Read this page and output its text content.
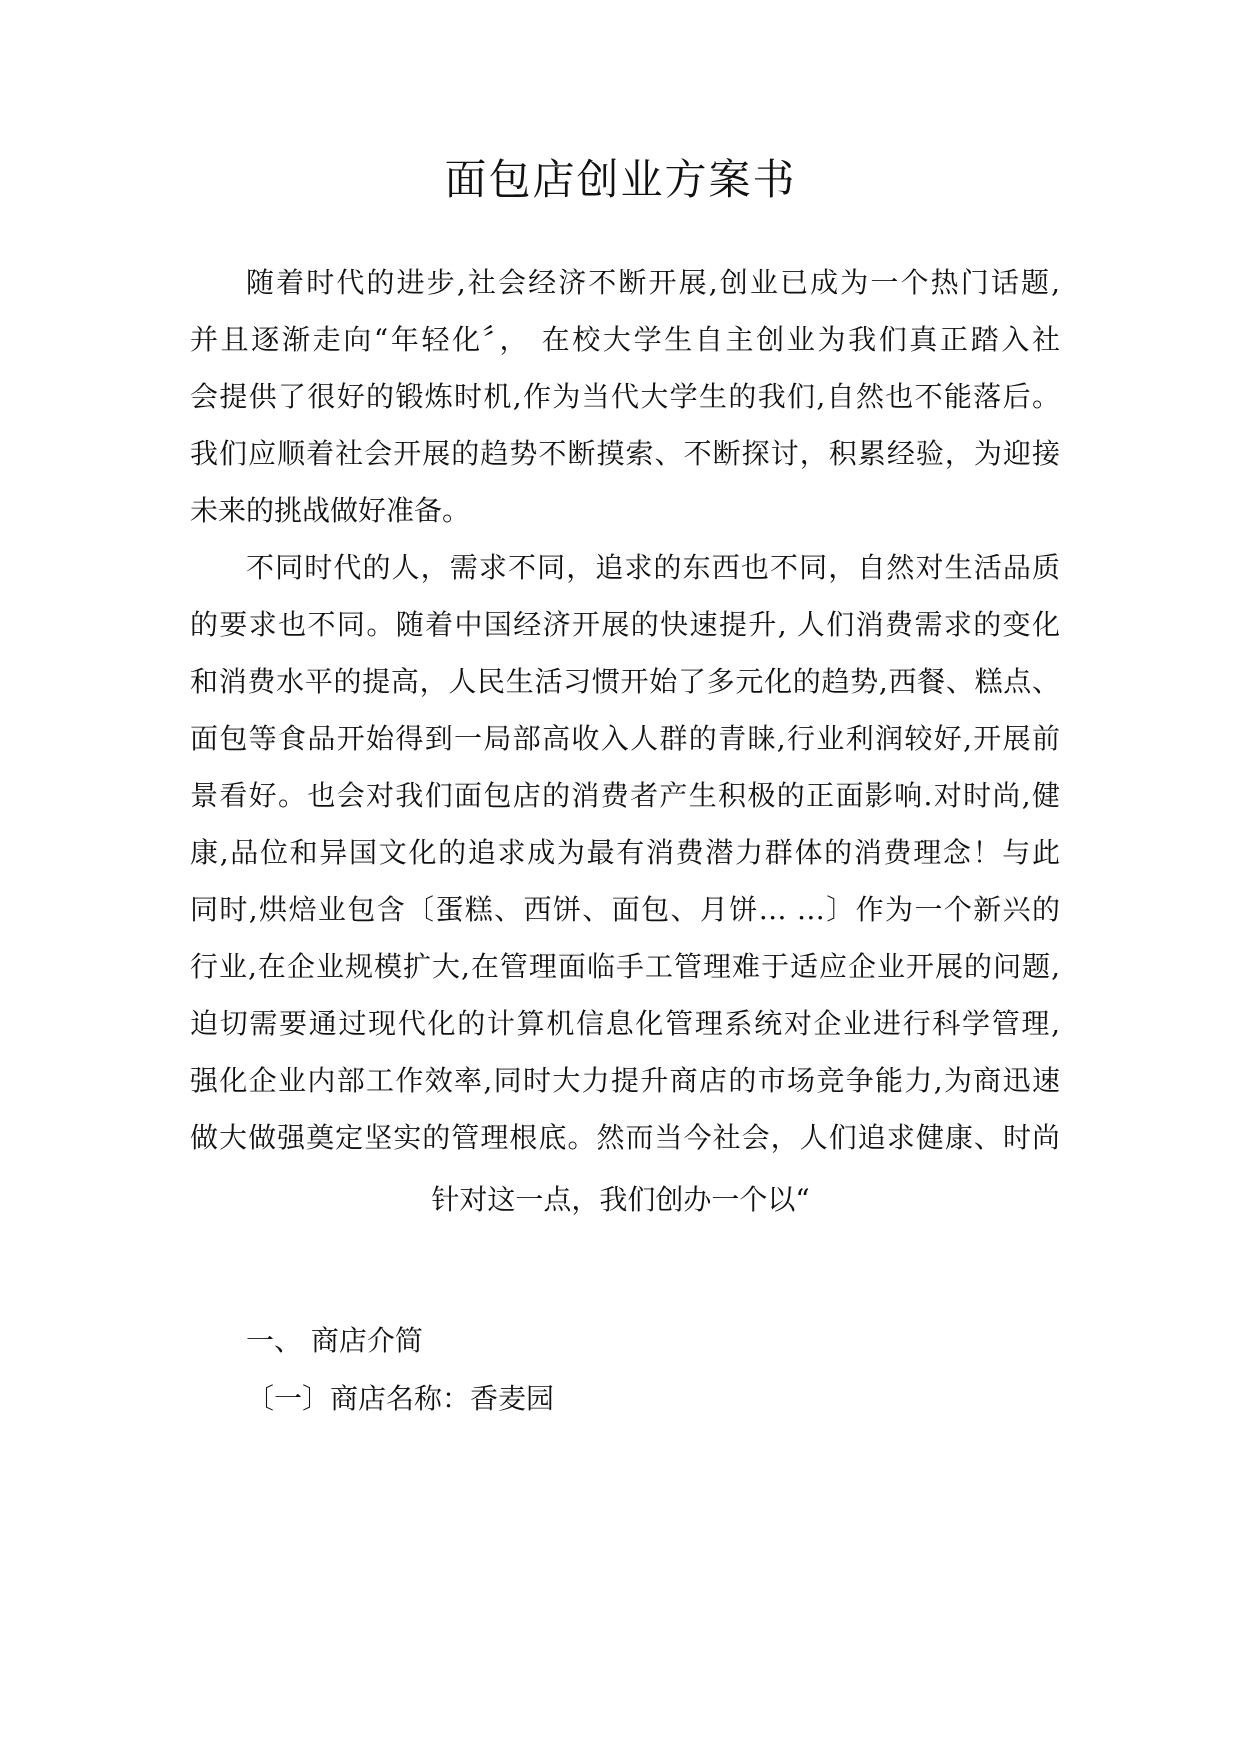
面包店创业方案书
随着时代的进步,社会经济不断开展,创业已成为一个热门话题,
并且逐渐走向“年轻化〞， 在校大学生自主创业为我们真正踏入社
会提供了很好的锻炼时机,作为当代大学生的我们,自然也不能落后。
我们应顺着社会开展的趋势不断摸索、不断探讨，积累经验，为迎接
未来的挑战做好准备。
不同时代的人，需求不同，追求的东西也不同，自然对生活品质
的要求也不同。随着中国经济开展的快速提升, 人们消费需求的变化
和消费水平的提高，人民生活习惯开始了多元化的趋势,西餐、糕点、
面包等食品开始得到一局部高收入人群的青睐,行业利润较好,开展前
景看好。也会对我们面包店的消费者产生积极的正面影响.对时尚,健
康,品位和异国文化的追求成为最有消费潜力群体的消费理念！与此
同时,烘焙业包含〔蛋糕、西饼、面包、月饼… …〕作为一个新兴的
行业,在企业规模扩大,在管理面临手工管理难于适应企业开展的问题,
迫切需要通过现代化的计算机信息化管理系统对企业进行科学管理,
强化企业内部工作效率,同时大力提升商店的市场竞争能力,为商迅速
做大做强奠定坚实的管理根底。然而当今社会，人们追求健康、时尚
针对这一点，我们创办一个以“
一、 商店介简
〔一〕商店名称：香麦园
